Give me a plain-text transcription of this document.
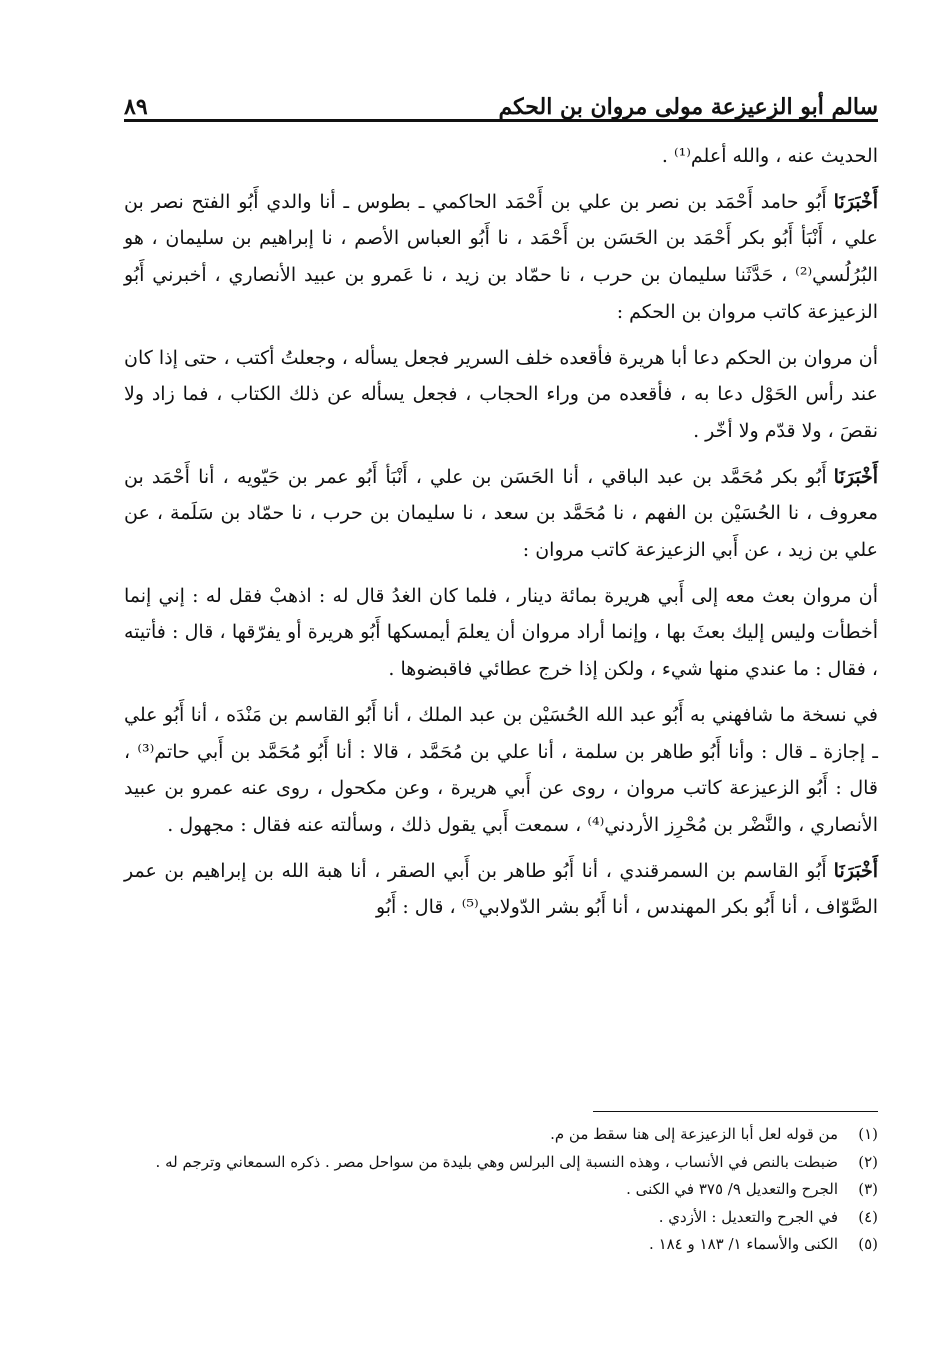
سالم أبو الزعيزعة مولى مروان بن الحكم
٨٩

الحديث عنه ، والله أعلم⁽¹⁾ .

أَخْبَرَنَاأَبُو حامد أَحْمَد بن نصر بن علي بن أَحْمَد الحاكمي ـ بطوس ـ أنا والدي أَبُو الفتح نصر بن علي ، أَنْبَأ أَبُو بكر أَحْمَد بن الحَسَن بن أَحْمَد ، نا أَبُو العباس الأصم ، نا إبراهيم بن سليمان ، هو البُرُلُسي⁽²⁾ ، حَدَّثَنا سليمان بن حرب ، نا حمّاد بن زيد ، نا عَمرو بن عبيد الأنصاري ، أخبرني أَبُو الزعيزعة كاتب مروان بن الحكم :

أن مروان بن الحكم دعا أبا هريرة فأقعده خلف السرير فجعل يسأله ، وجعلتُ أكتب ، حتى إذا كان عند رأس الحَوْل دعا به ، فأقعده من وراء الحجاب ، فجعل يسأله عن ذلك الكتاب ، فما زاد ولا نقصَ ، ولا قدّم ولا أخّر .

أَخْبَرَنَاأَبُو بكر مُحَمَّد بن عبد الباقي ، أنا الحَسَن بن علي ، أَنْبَأ أَبُو عمر بن حَيّويه ، أنا أَحْمَد بن معروف ، نا الحُسَيْن بن الفهم ، نا مُحَمَّد بن سعد ، نا سليمان بن حرب ، نا حمّاد بن سَلَمة ، عن علي بن زيد ، عن أَبي الزعيزعة كاتب مروان :

أن مروان بعث معه إلى أَبي هريرة بمائة دينار ، فلما كان الغدُ قال له : اذهبْ فقل له : إني إنما أخطأت وليس إليك بعثَ بها ، وإنما أراد مروان أن يعلمَ أيمسكها أَبُو هريرة أو يفرّقها ، قال : فأتيته ، فقال : ما عندي منها شيء ، ولكن إذا خرج عطائي فاقبضوها .

في نسخة ما شافهني به أَبُو عبد الله الحُسَيْن بن عبد الملك ، أنا أَبُو القاسم بن مَنْدَه ، أنا أَبُو علي ـ إجازة ـ قال : وأنا أَبُو طاهر بن سلمة ، أنا علي بن مُحَمَّد ، قالا : أنا أَبُو مُحَمَّد بن أَبي حاتم⁽³⁾ ، قال : أَبُو الزعيزعة كاتب مروان ، روى عن أَبي هريرة ، وعن مكحول ، روى عنه عمرو بن عبيد الأنصاري ، والنَّضْر بن مُحْرِز الأردني⁽⁴⁾ ، سمعت أَبي يقول ذلك ، وسألته عنه فقال : مجهول .

أَخْبَرَنَاأَبُو القاسم بن السمرقندي ، أنا أَبُو طاهر بن أَبي الصقر ، أنا هبة الله بن إبراهيم بن عمر الصَّوّاف ، أنا أَبُو بكر المهندس ، أنا أَبُو بشر الدّولابي⁽⁵⁾ ، قال : أَبُو

(١)
من قوله لعل أبا الزعيزعة إلى هنا سقط من م.
(٢)
ضبطت بالنص في الأنساب ، وهذه النسبة إلى البرلس وهي بليدة من سواحل مصر . ذكره السمعاني وترجم له .
(٣)
الجرح والتعديل ٩/ ٣٧٥ في الكنى .
(٤)
في الجرح والتعديل : الأزدي .
(٥)
الكنى والأسماء ١/ ١٨٣ و ١٨٤ .
